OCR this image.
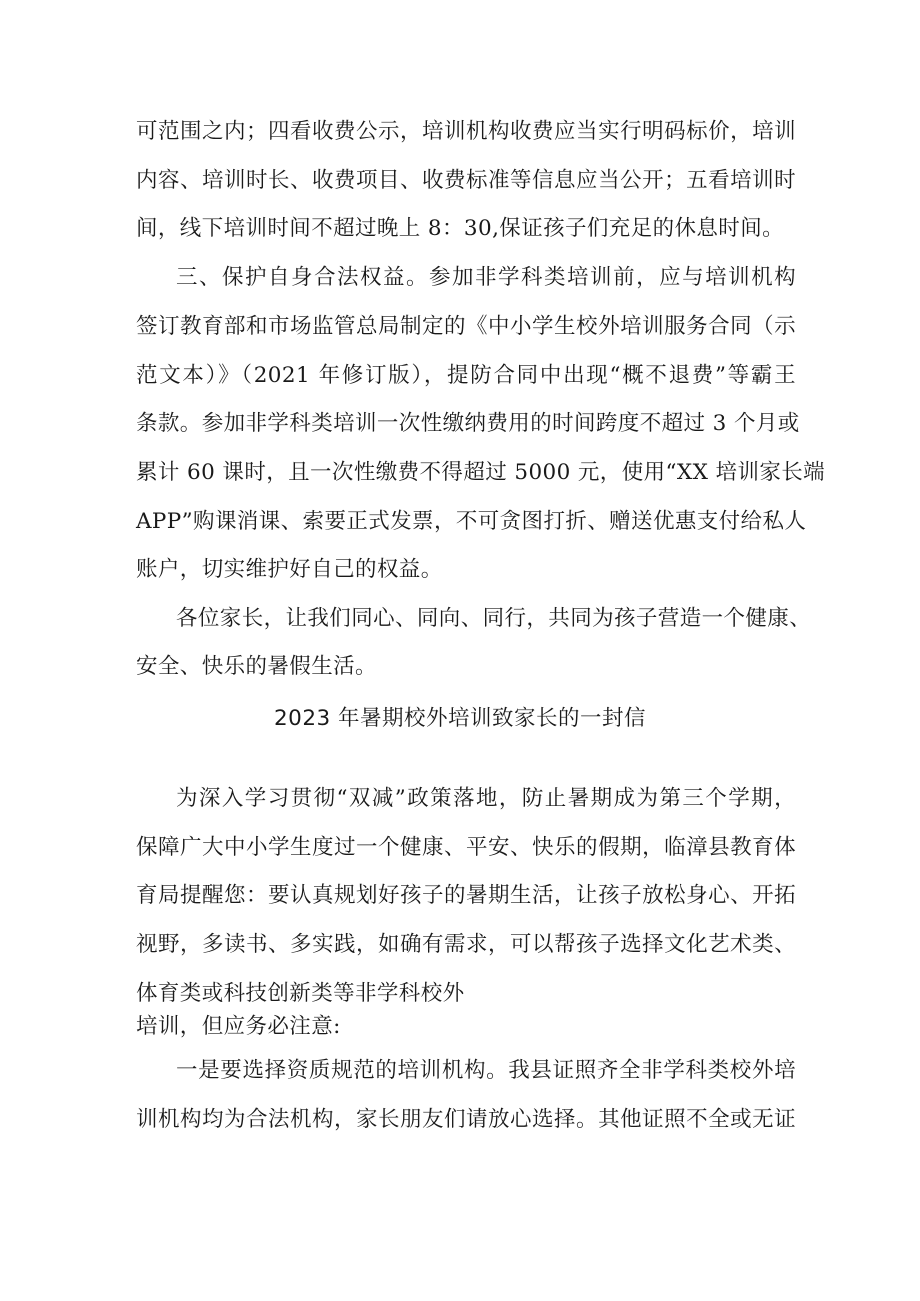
可范围之内；四看收费公示，培训机构收费应当实行明码标价，培训
内容、培训时长、收费项目、收费标准等信息应当公开；五看培训时
间，线下培训时间不超过晚上 8：30,保证孩子们充足的休息时间。
三、保护自身合法权益。参加非学科类培训前，应与培训机构
签订教育部和市场监管总局制定的《中小学生校外培训服务合同（示
范文本）》（2021 年修订版），提防合同中出现“概不退费”等霸王
条款。参加非学科类培训一次性缴纳费用的时间跨度不超过 3 个月或
累计 60 课时，且一次性缴费不得超过 5000 元，使用“XX 培训家长端
APP”购课消课、索要正式发票，不可贪图打折、赠送优惠支付给私人
账户，切实维护好自己的权益。
各位家长，让我们同心、同向、同行，共同为孩子营造一个健康、
安全、快乐的暑假生活。
2023 年暑期校外培训致家长的一封信
为深入学习贯彻“双减”政策落地，防止暑期成为第三个学期，
保障广大中小学生度过一个健康、平安、快乐的假期，临漳县教育体
育局提醒您：要认真规划好孩子的暑期生活，让孩子放松身心、开拓
视野，多读书、多实践，如确有需求，可以帮孩子选择文化艺术类、
体育类或科技创新类等非学科校外
培训，但应务必注意:
一是要选择资质规范的培训机构。我县证照齐全非学科类校外培
训机构均为合法机构，家长朋友们请放心选择。其他证照不全或无证
